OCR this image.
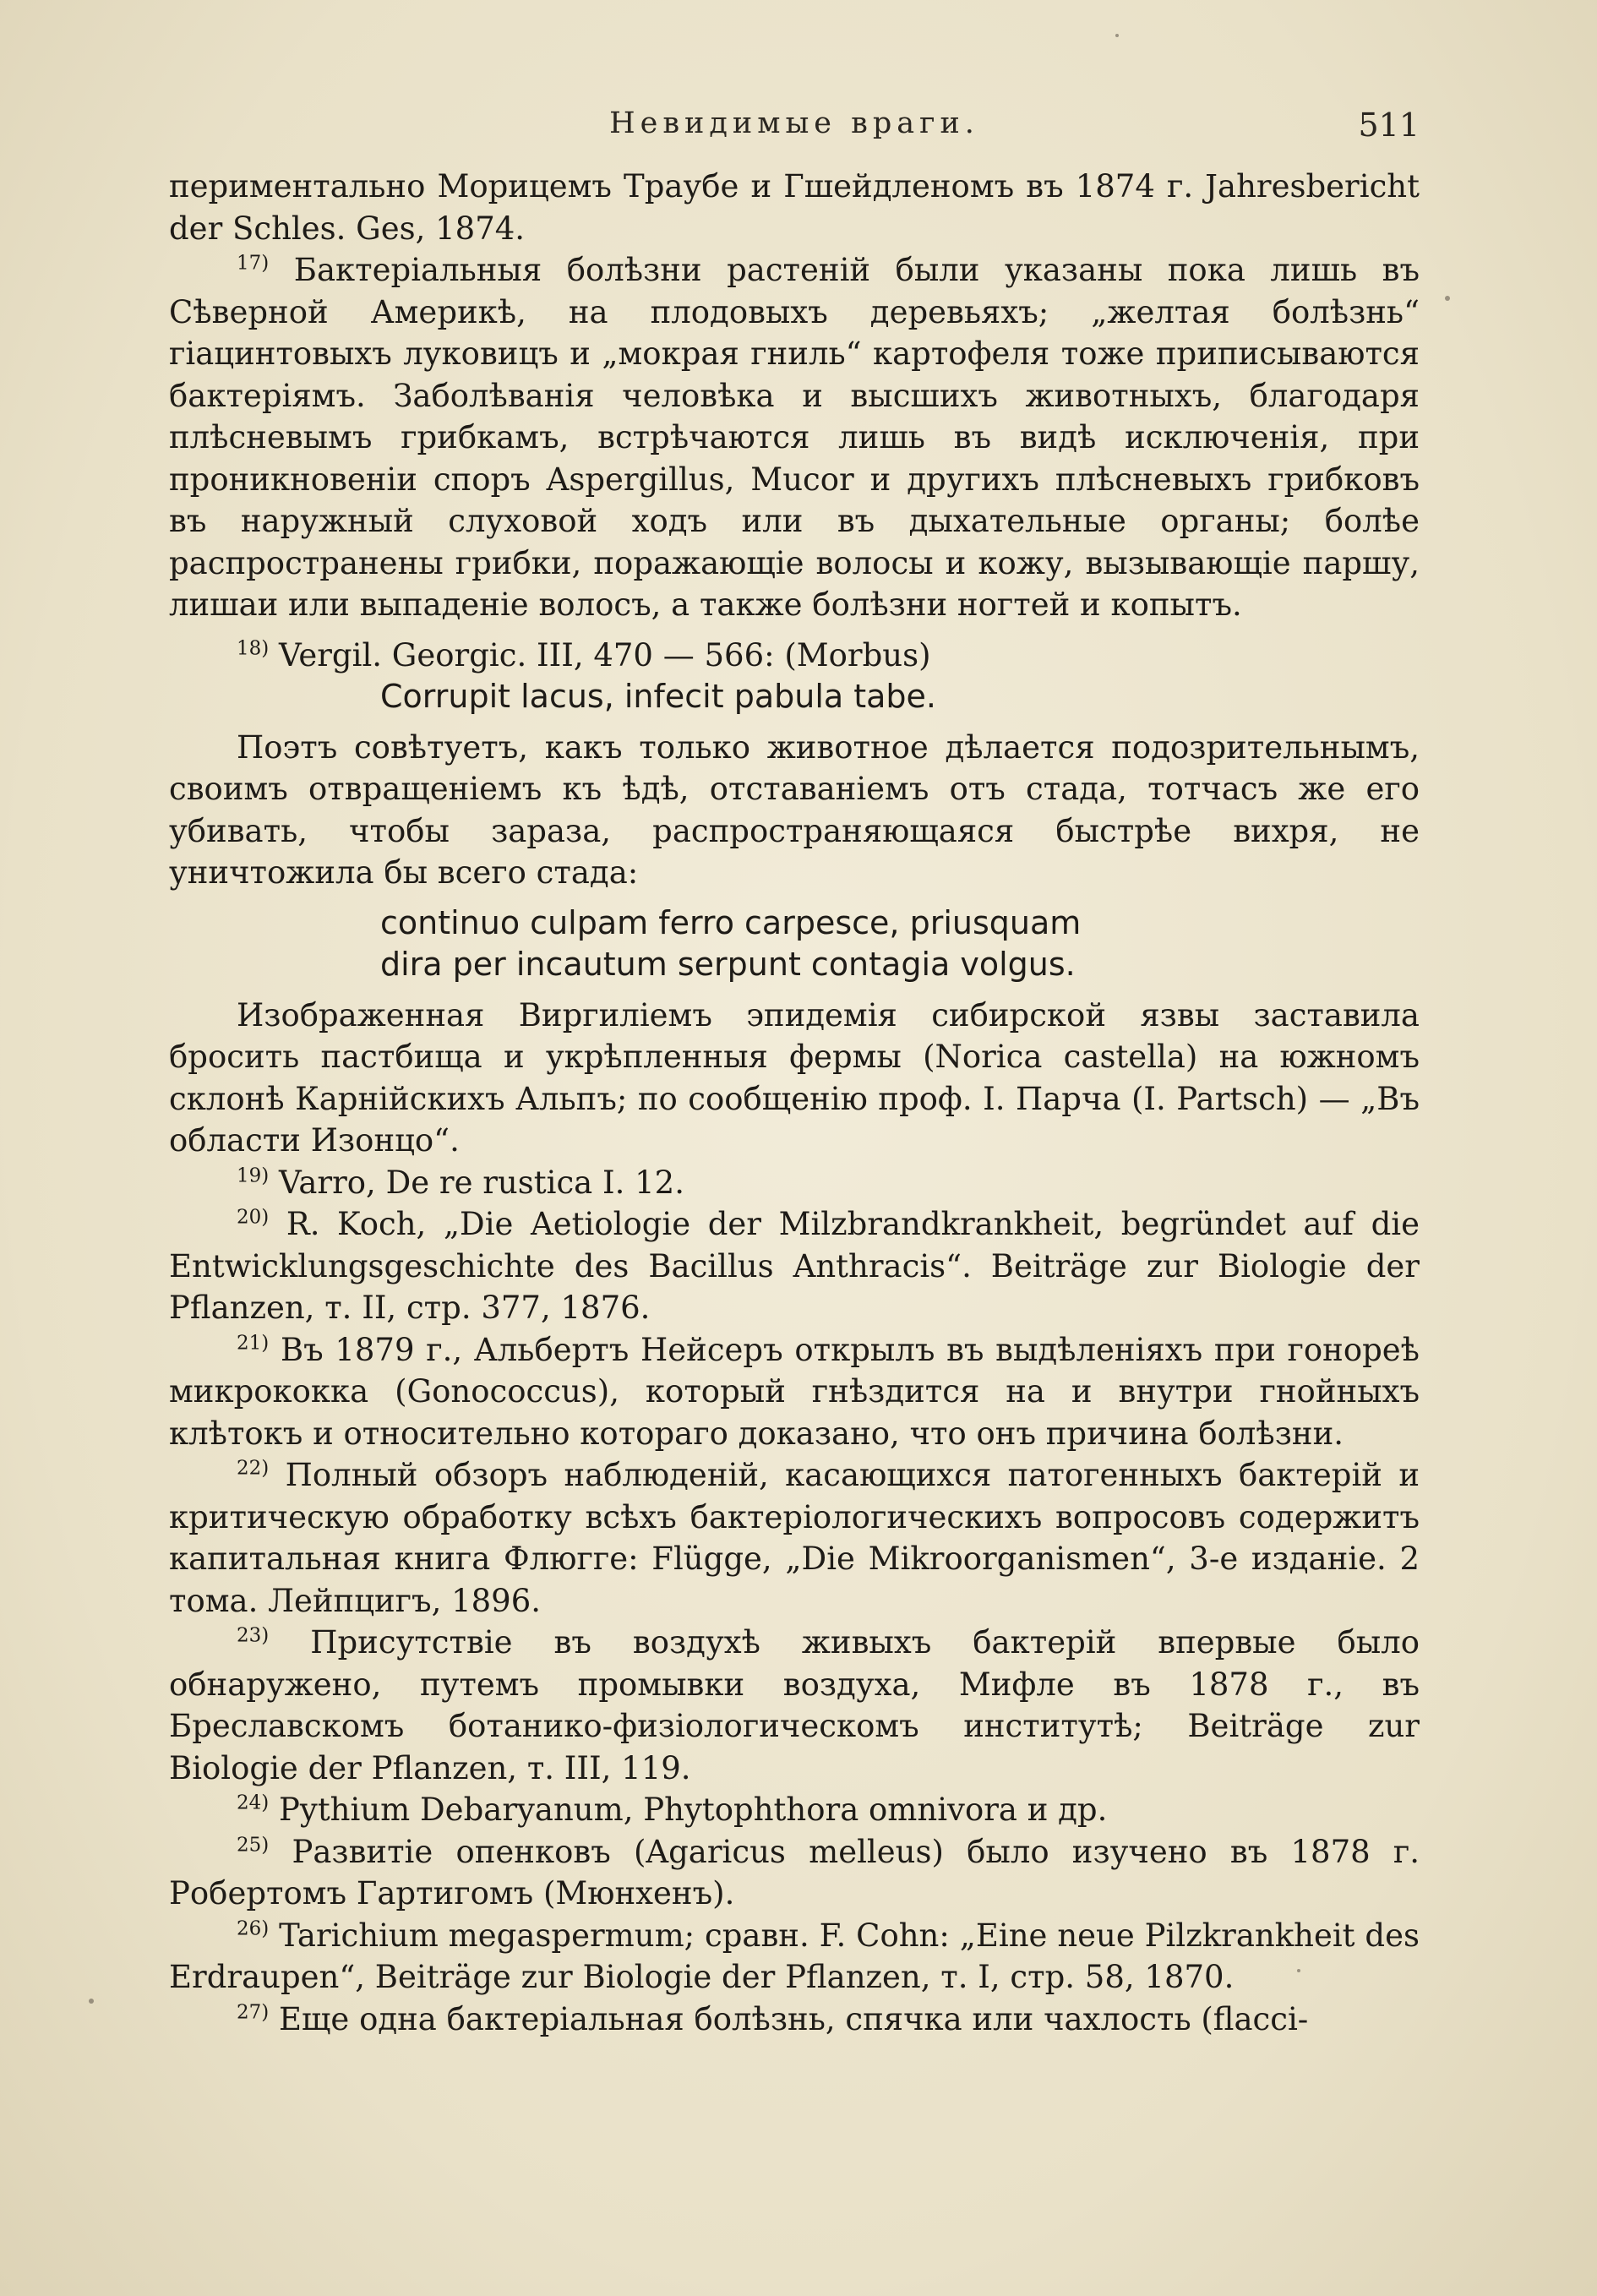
Невидимые враги.	511

периментально Морицемъ Траубе и Гшейдленомъ въ 1874 г. Jahresbericht der Schles. Ges, 1874.

$^{17)}$ Бактеріальныя болѣзни растеній были указаны пока лишь въ Сѣверной Америкѣ, на плодовыхъ деревьяхъ; „желтая болѣзнь“ гіацинтовыхъ луковицъ и „мокрая гниль“ картофеля тоже приписываются бактеріямъ. Заболѣванія человѣка и высшихъ животныхъ, благодаря плѣсневымъ грибкамъ, встрѣчаются лишь въ видѣ исключенія, при проникновеніи споръ Aspergillus, Mucor и другихъ плѣсневыхъ грибковъ въ наружный слуховой ходъ или въ дыхательные органы; болѣе распространены грибки, поражающіе волосы и кожу, вызывающіе паршу, лишаи или выпаденіе волосъ, а также болѣзни ногтей и копытъ.

$^{18)}$ Vergil. Georgic. III, 470 — 566: (Morbus)

Corrupit lacus, infecit pabula tabe.

Поэтъ совѣтуетъ, какъ только животное дѣлается подозрительнымъ, своимъ отвращеніемъ къ ѣдѣ, отставаніемъ отъ стада, тотчасъ же его убивать, чтобы зараза, распространяющаяся быстрѣе вихря, не уничтожила бы всего стада:

continuo culpam ferro carpesce, priusquam

dira per incautum serpunt contagia volgus.

Изображенная Виргиліемъ эпидемія сибирской язвы заставила бросить пастбища и укрѣпленныя фермы (Norica castella) на южномъ склонѣ Карнійскихъ Альпъ; по сообщенію проф. I. Парча (I. Partsch) — „Въ области Изонцо“.

$^{19)}$ Varro, De re rustica I. 12.

$^{20)}$ R. Koch, „Die Aetiologie der Milzbrandkrankheit, begründet auf die Entwicklungsgeschichte des Bacillus Anthracis“. Beiträge zur Biologie der Pflanzen, т. II, стр. 377, 1876.

$^{21)}$ Въ 1879 г., Альбертъ Нейсеръ открылъ въ выдѣленіяхъ при гонореѣ микрококка (Gonococcus), который гнѣздится на и внутри гнойныхъ клѣтокъ и относительно котораго доказано, что онъ причина болѣзни.

$^{22)}$ Полный обзоръ наблюденій, касающихся патогенныхъ бактерій и критическую обработку всѣхъ бактеріологическихъ вопросовъ содержитъ капитальная книга Флюгге: Flügge, „Die Mikroorganismen“, 3-е изданіе. 2 тома. Лейпцигъ, 1896.

$^{23)}$ Присутствіе въ воздухѣ живыхъ бактерій впервые было обнаружено, путемъ промывки воздуха, Мифле въ 1878 г., въ Бреславскомъ ботанико-физіологическомъ институтѣ; Beiträge zur Biologie der Pflanzen, т. III, 119.

$^{24)}$ Pythium Debaryanum, Phytophthora omnivora и др.

$^{25)}$ Развитіе опенковъ (Agaricus melleus) было изучено въ 1878 г. Робертомъ Гартигомъ (Мюнхенъ).

$^{26)}$ Tarichium megaspermum; сравн. F. Cohn: „Eine neue Pilzkrankheit des Erdraupen“, Beiträge zur Biologie der Pflanzen, т. I, стр. 58, 1870.

$^{27)}$ Еще одна бактеріальная болѣзнь, спячка или чахлость (flacci-
